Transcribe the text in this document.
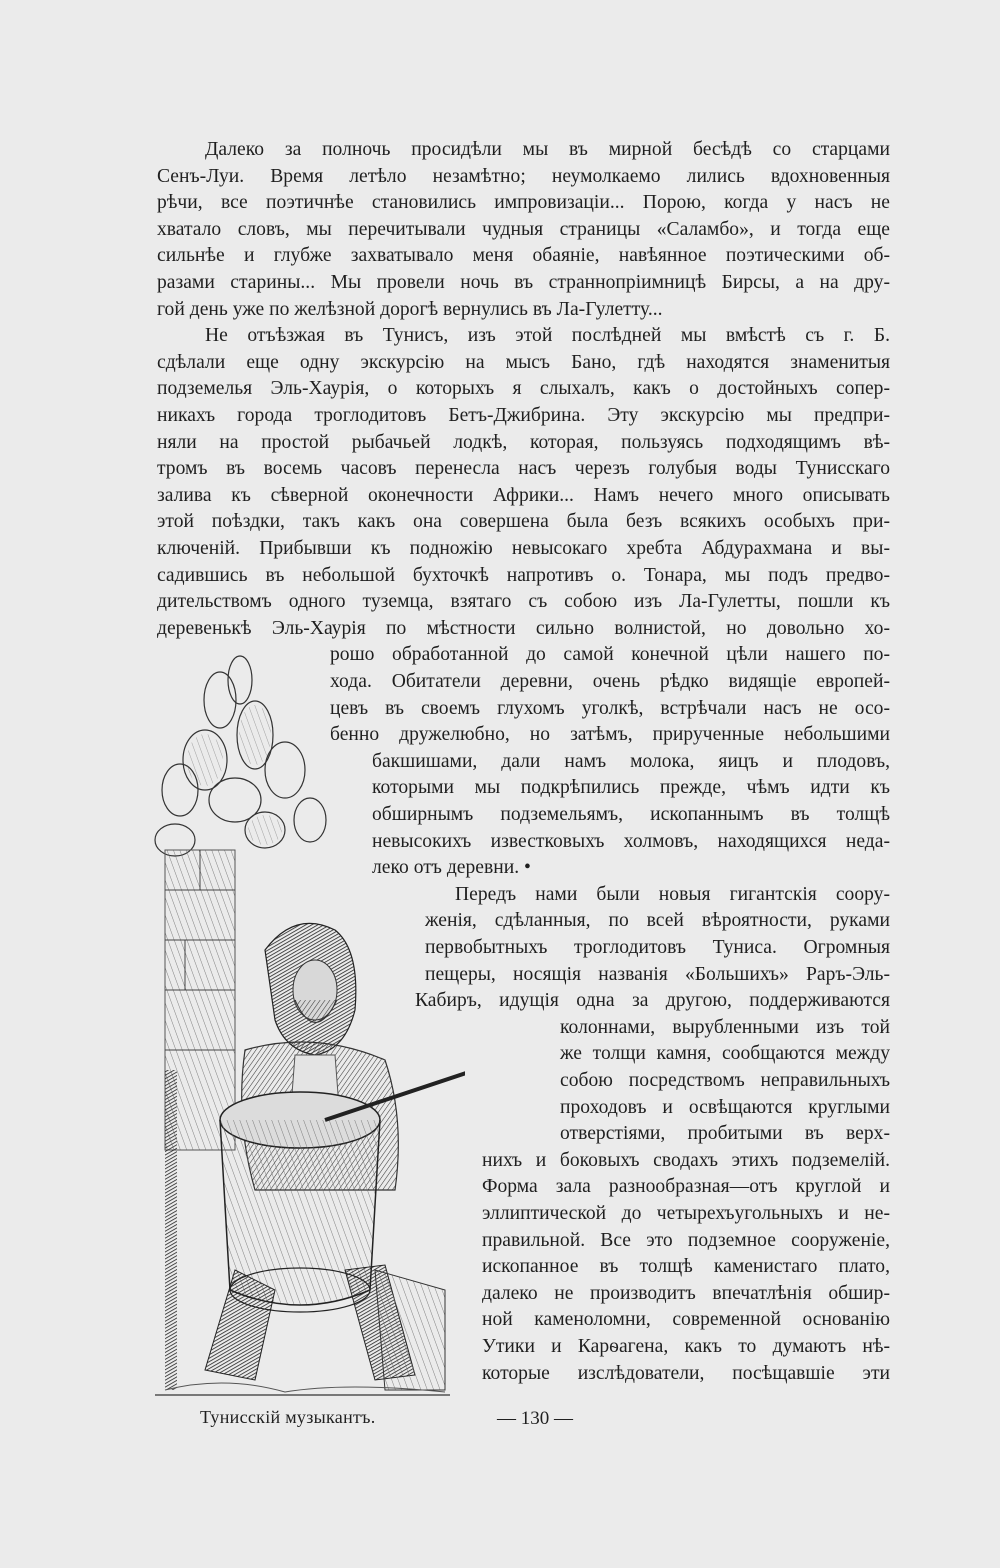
Далеко за полночь просидѣли мы въ мирной бесѣдѣ со старцами
Сенъ-Луи. Время летѣло незамѣтно; неумолкаемо лились вдохновенныя
рѣчи, все поэтичнѣе становились импровизаціи... Порою, когда у насъ не
хватало словъ, мы перечитывали чудныя страницы «Саламбо», и тогда еще
сильнѣе и глубже захватывало меня обаяніе, навѣянное поэтическими об-
разами старины... Мы провели ночь въ страннопріимницѣ Бирсы, а на дру-
гой день уже по желѣзной дорогѣ вернулись въ Ла-Гулетту...
Не отъѣзжая въ Тунисъ, изъ этой послѣдней мы вмѣстѣ съ г. Б.
сдѣлали еще одну экскурсію на мысъ Бано, гдѣ находятся знаменитыя
подземелья Эль-Хаурія, о которыхъ я слыхалъ, какъ о достойныхъ сопер-
никахъ города троглодитовъ Бетъ-Джибрина. Эту экскурсію мы предпри-
няли на простой рыбачьей лодкѣ, которая, пользуясь подходящимъ вѣ-
тромъ въ восемь часовъ перенесла насъ черезъ голубыя воды Тунисскаго
залива къ сѣверной оконечности Африки... Намъ нечего много описывать
этой поѣздки, такъ какъ она совершена была безъ всякихъ особыхъ при-
ключеній. Прибывши къ подножію невысокаго хребта Абдурахмана и вы-
садившись въ небольшой бухточкѣ напротивъ о. Тонара, мы подъ предво-
дительствомъ одного туземца, взятаго съ собою изъ Ла-Гулетты, пошли къ
деревенькѣ Эль-Хаурія по мѣстности сильно волнистой, но довольно хо-
рошо обработанной до самой конечной цѣли нашего по-
хода. Обитатели деревни, очень рѣдко видящіе европей-
цевъ въ своемъ глухомъ уголкѣ, встрѣчали насъ не осо-
бенно дружелюбно, но затѣмъ, прирученные небольшими
бакшишами, дали намъ молока, яицъ и плодовъ,
которыми мы подкрѣпились прежде, чѣмъ идти къ
обширнымъ подземельямъ, ископаннымъ въ толщѣ
невысокихъ известковыхъ холмовъ, находящихся неда-
леко отъ деревни. •
Передъ нами были новыя гигантскія соору-
женія, сдѣланныя, по всей вѣроятности, руками
первобытныхъ троглодитовъ Туниса. Огромныя
пещеры, носящія названія «Большихъ» Раръ-Эль-
Кабиръ, идущія одна за другою, поддерживаются
колоннами, вырубленными изъ той
же толщи камня, сообщаются между
собою посредствомъ неправильныхъ
проходовъ и освѣщаются круглыми
отверстіями, пробитыми въ верх-
нихъ и боковыхъ сводахъ этихъ подземелій.
Форма зала разнообразная—отъ круглой и
эллиптической до четырехъугольныхъ и не-
правильной. Все это подземное сооруженіе,
ископанное въ толщѣ каменистаго плато,
далеко не производитъ впечатлѣнія обшир-
ной каменоломни, современной основанію
Утики и Карѳагена, какъ то думаютъ нѣ-
которые изслѣдователи, посѣщавшіе эти
Тунисскій музыкантъ.	— 130 —
